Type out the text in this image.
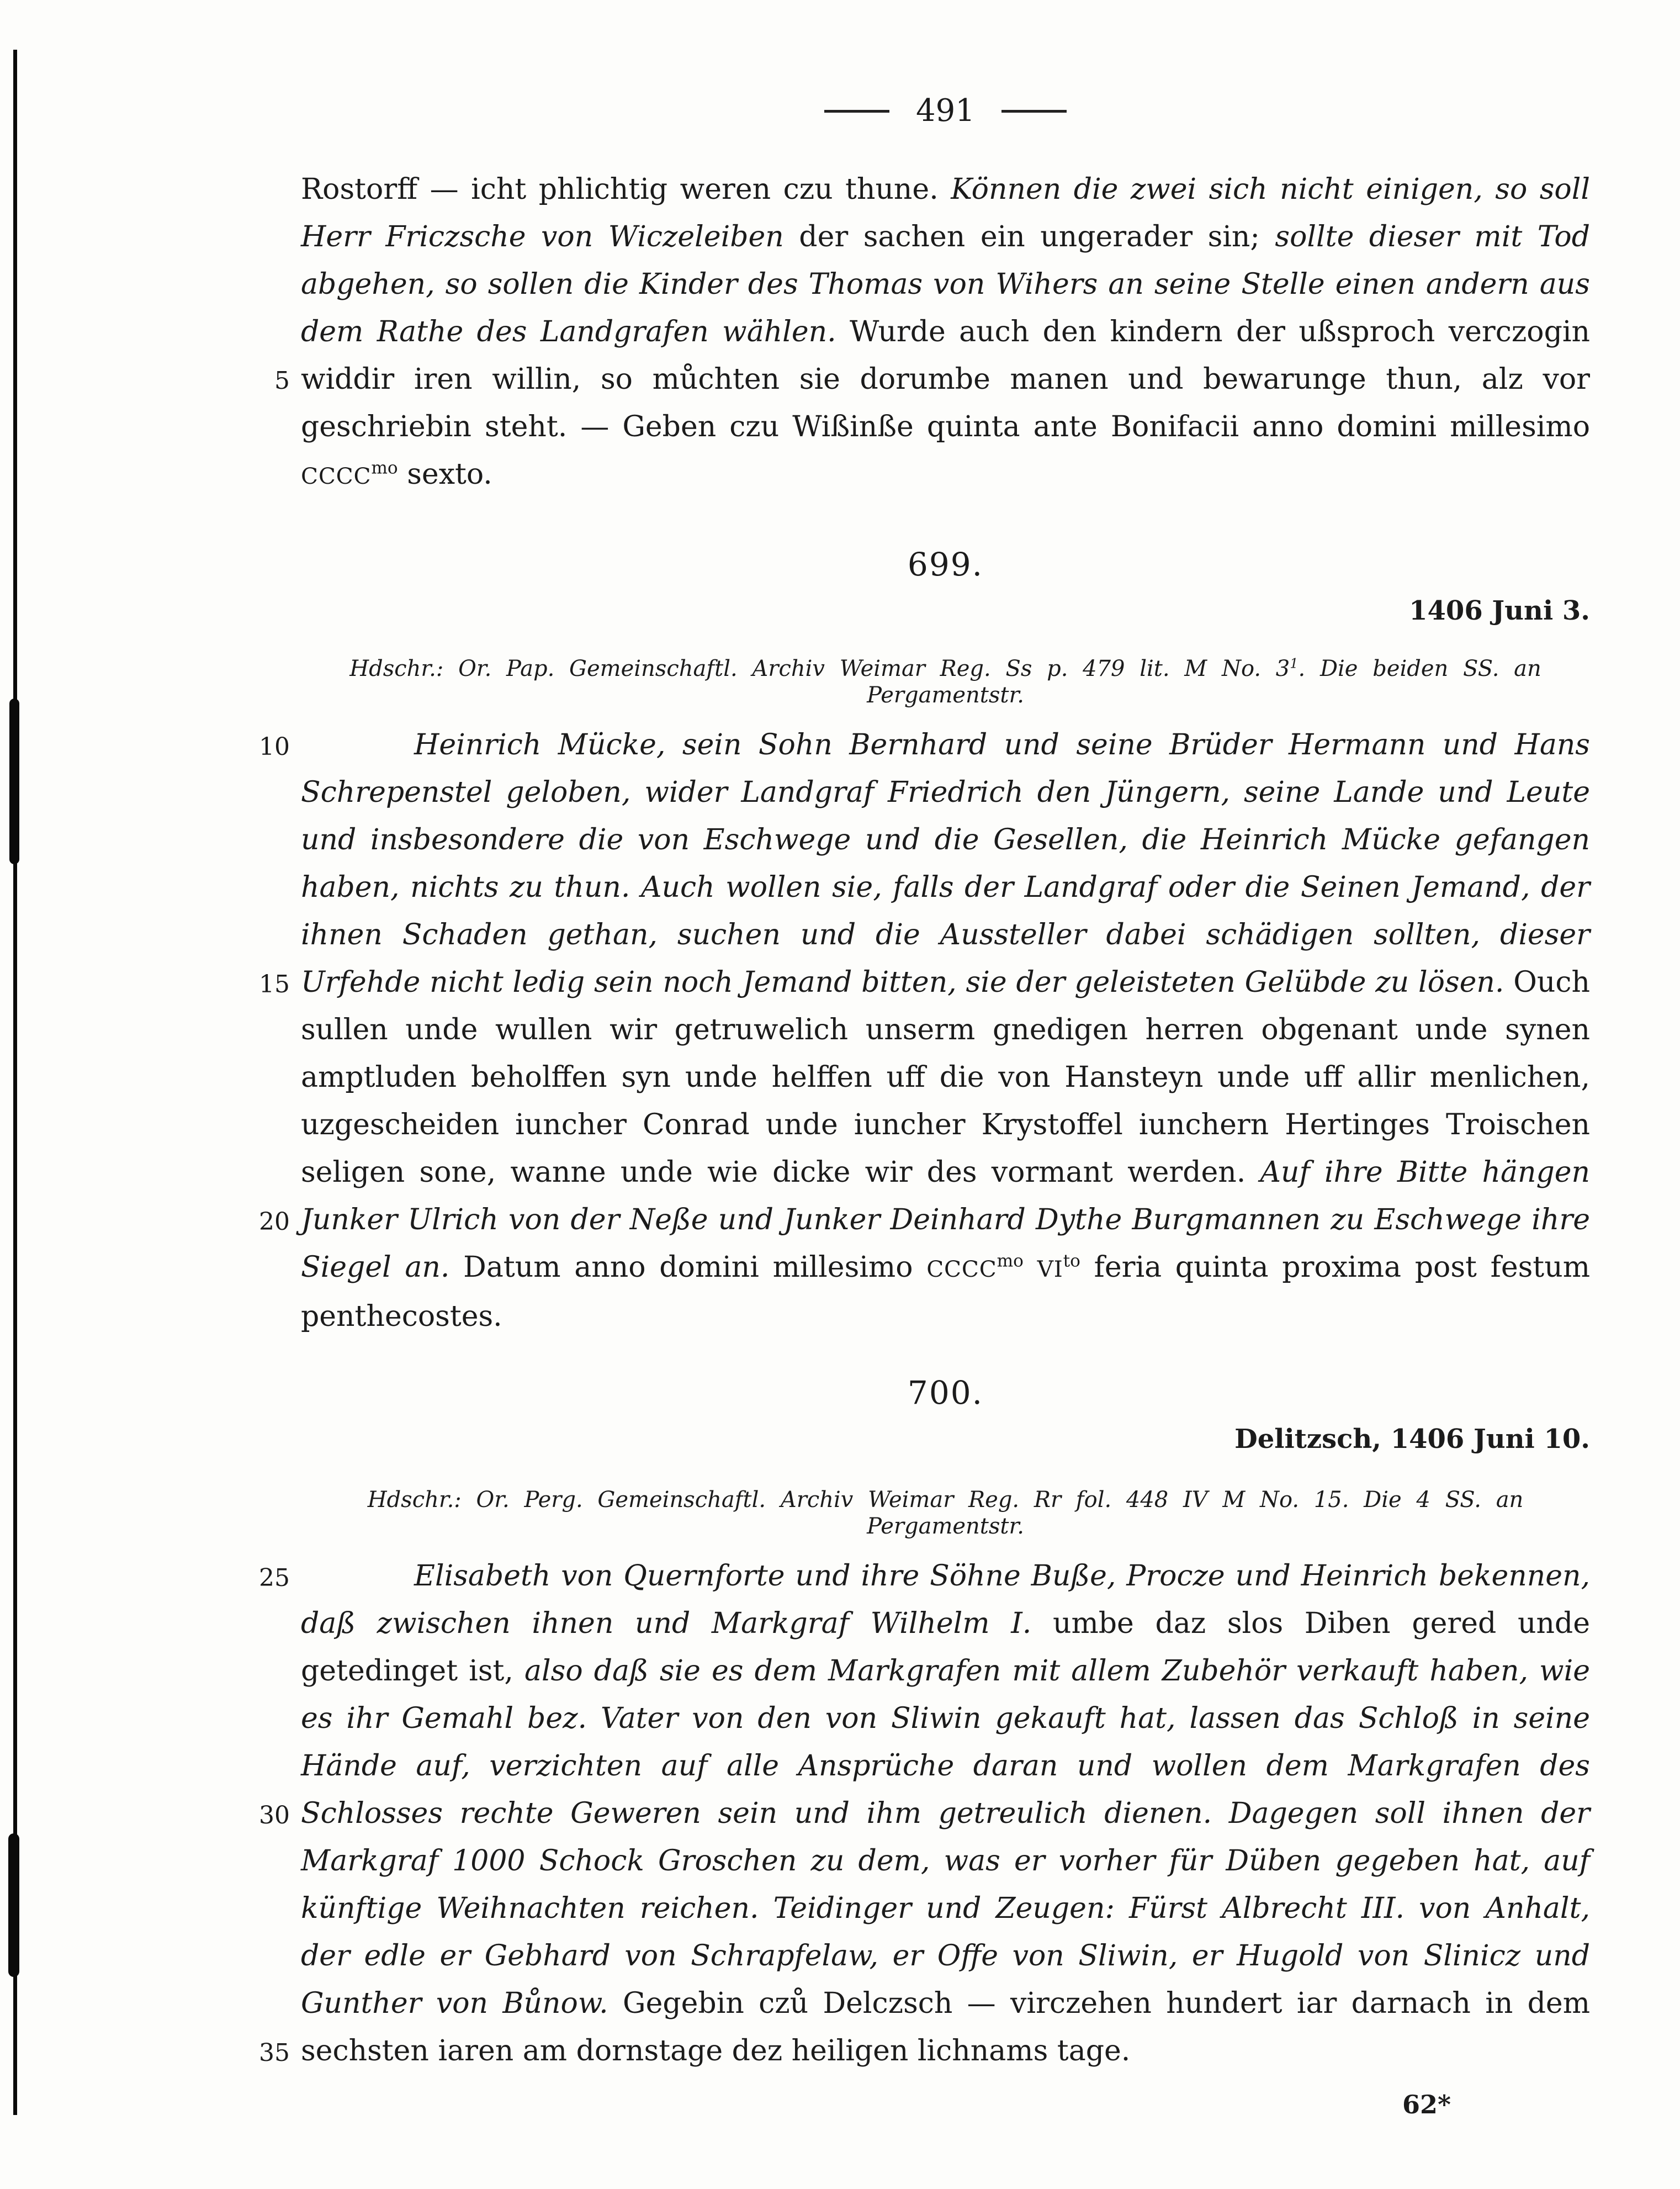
491
5
10
15
20
25
30
35

Rostorff — icht phlichtig weren czu thune. Können die zwei sich nicht einigen, so soll Herr Friczsche von Wiczeleiben der sachen ein ungerader sin; sollte dieser mit Tod abgehen, so sollen die Kinder des Thomas von Wihers an seine Stelle einen andern aus dem Rathe des Landgrafen wählen. Wurde auch den kindern der ußsproch verczogin widdir iren willin, so můchten sie dorumbe manen und bewarunge thun, alz vor geschriebin steht. — Geben czu Wißinße quinta ante Bonifacii anno domini millesimo $CCCC^{mo}$ sexto.

699.
1406 Juni 3.
Hdschr.: Or. Pap. Gemeinschaftl. Archiv Weimar Reg. Ss p. 479 lit. M No. $3^1$. Die beiden SS. an Pergamentstr.

Heinrich Mücke, sein Sohn Bernhard und seine Brüder Hermann und Hans Schrepenstel geloben, wider Landgraf Friedrich den Jüngern, seine Lande und Leute und insbesondere die von Eschwege und die Gesellen, die Heinrich Mücke gefangen haben, nichts zu thun. Auch wollen sie, falls der Landgraf oder die Seinen Jemand, der ihnen Schaden gethan, suchen und die Aussteller dabei schädigen sollten, dieser Urfehde nicht ledig sein noch Jemand bitten, sie der geleisteten Gelübde zu lösen. Ouch sullen unde wullen wir getruwelich unserm gnedigen herren obgenant unde synen amptluden beholffen syn unde helffen uff die von Hansteyn unde uff allir menlichen, uzgescheiden iuncher Conrad unde iuncher Krystoffel iunchern Hertinges Troischen seligen sone, wanne unde wie dicke wir des vormant werden. Auf ihre Bitte hängen Junker Ulrich von der Neße und Junker Deinhard Dythe Burgmannen zu Eschwege ihre Siegel an. Datum anno domini millesimo $CCCC^{mo}$ $VI^{to}$ feria quinta proxima post festum penthecostes.

700.
Delitzsch, 1406 Juni 10.
Hdschr.: Or. Perg. Gemeinschaftl. Archiv Weimar Reg. Rr fol. 448 IV M No. 15. Die 4 SS. an Pergamentstr.

Elisabeth von Quernforte und ihre Söhne Buße, Procze und Heinrich bekennen, daß zwischen ihnen und Markgraf Wilhelm I. umbe daz slos Diben gered unde getedinget ist, also daß sie es dem Markgrafen mit allem Zubehör verkauft haben, wie es ihr Gemahl bez. Vater von den von Sliwin gekauft hat, lassen das Schloß in seine Hände auf, verzichten auf alle Ansprüche daran und wollen dem Markgrafen des Schlosses rechte Geweren sein und ihm getreulich dienen. Dagegen soll ihnen der Markgraf 1000 Schock Groschen zu dem, was er vorher für Düben gegeben hat, auf künftige Weihnachten reichen. Teidinger und Zeugen: Fürst Albrecht III. von Anhalt, der edle er Gebhard von Schrapfelaw, er Offe von Sliwin, er Hugold von Slinicz und Gunther von Bůnow. Gegebin czů Delczsch — virczehen hundert iar darnach in dem sechsten iaren am dornstage dez heiligen lichnams tage.

62*
